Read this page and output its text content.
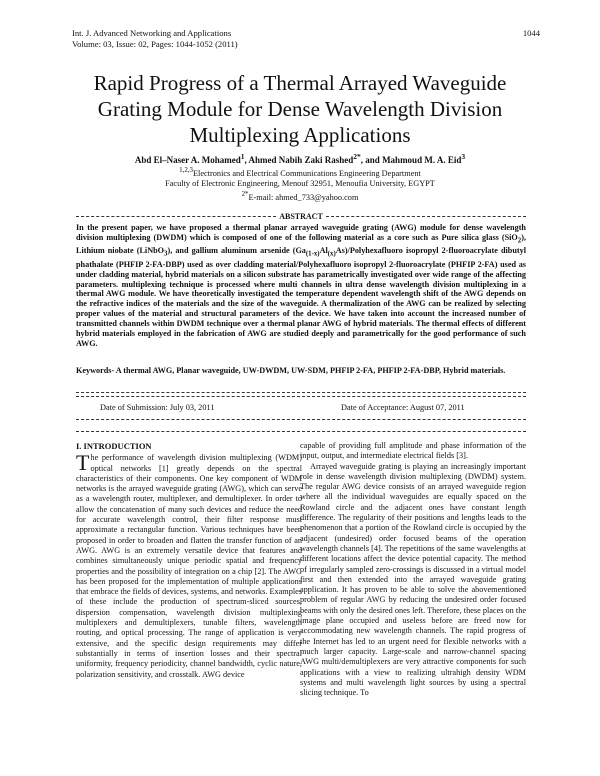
Int. J. Advanced Networking and Applications
Volume: 03, Issue: 02, Pages: 1044-1052 (2011)
1044
Rapid Progress of a Thermal Arrayed Waveguide Grating Module for Dense Wavelength Division Multiplexing Applications
Abd El–Naser A. Mohamed$^1$, Ahmed Nabih Zaki Rashed$^{2*}$, and Mahmoud M. A. Eid$^3$
$^{1,2,3}$Electronics and Electrical Communications Engineering Department
Faculty of Electronic Engineering, Menouf 32951, Menoufia University, EGYPT
$^{2*}$E-mail: ahmed_733@yahoo.com
ABSTRACT
In the present paper, we have proposed a thermal planar arrayed waveguide grating (AWG) module for dense wavelength division multiplexing (DWDM) which is composed of one of the following material as a core such as Pure silica glass (SiO$_2$), Lithium niobate (LiNbO$_3$), and gallium aluminum arsenide $(Ga_{(1-x)}Al_{(x)}As)$/Polyhexafluoro isopropyl 2-fluoroacrylate dibutyl phathalate (PHFIP 2-FA-DBP) used as over cladding material/Polyhexafluoro isopropyl 2-fluoroacrylate (PHFIP 2-FA) used as under cladding material, hybrid materials on a silicon substrate has parametrically investigated over wide range of the affecting parameters. multiplexing technique is processed where multi channels in ultra dense wavelength division multiplexing in a thermal AWG module. We have theoretically investigated the temperature dependent wavelength shift of the AWG depends on the refractive indices of the materials and the size of the waveguide. A thermalization of the AWG can be realized by selecting proper values of the material and structural parameters of the device. We have taken into account the increased number of transmitted channels within DWDM technique over a thermal planar AWG of hybrid materials. The thermal effects of different hybrid materials employed in the fabrication of AWG are studied deeply and parametrically for the good performance of such AWG.
Keywords- A thermal AWG, Planar waveguide, UW-DWDM, UW-SDM, PHFIP 2-FA, PHFIP 2-FA-DBP, Hybrid materials.
Date of Submission: July 03, 2011	Date of Acceptance: August 07, 2011
I. INTRODUCTION

The performance of wavelength division multiplexing (WDM) optical networks [1] greatly depends on the spectral characteristics of their components. One key component of WDM networks is the arrayed waveguide grating (AWG), which can serve as a wavelength router, multiplexer, and demultiplexer. In order to allow the concatenation of many such devices and reduce the need for accurate wavelength control, their filter response must approximate a rectangular function. Various techniques have been proposed in order to broaden and flatten the transfer function of an AWG. AWG is an extremely versatile device that features and combines simultaneously unique periodic spatial and frequency properties and the possibility of integration on a chip [2]. The AWG has been proposed for the implementation of multiple applications that embrace the fields of devices, systems, and networks. Examples of these include the production of spectrum-sliced sources, dispersion compensation, wavelength division multiplexing multiplexers and demultiplexers, tunable filters, wavelength routing, and optical processing. The range of application is very extensive, and the specific design requirements may differ substantially in terms of insertion losses and their spectral uniformity, frequency periodicity, channel bandwidth, cyclic nature, polarization sensitivity, and crosstalk. AWG device

capable of providing full amplitude and phase information of the input, output, and intermediate electrical fields [3].

Arrayed waveguide grating is playing an increasingly important role in dense wavelength division multiplexing (DWDM) system. The regular AWG device consists of an arrayed waveguide region where all the individual waveguides are equally spaced on the Rowland circle and the adjacent ones have constant length difference. The regularity of their positions and lengths leads to the phenomenon that a portion of the Rowland circle is occupied by the adjacent (undesired) order focused beams of the operation wavelength channels [4]. The repetitions of the same wavelengths at different locations affect the device potential capacity. The method of irregularly sampled zero-crossings is discussed in a virtual model first and then extended into the arrayed waveguide grating application. It has proven to be able to solve the abovementioned problem of regular AWG by reducing the undesired order focused beams with only the desired ones left. Therefore, these places on the image plane occupied and useless before are freed now for accommodating new wavelength channels. The rapid progress of the Internet has led to an urgent need for flexible networks with a much larger capacity. Large-scale and narrow-channel spacing AWG multi/demultiplexers are very attractive components for such applications with a view to realizing ultrahigh density WDM systems and multi wavelength light sources by using a spectral slicing technique. To
